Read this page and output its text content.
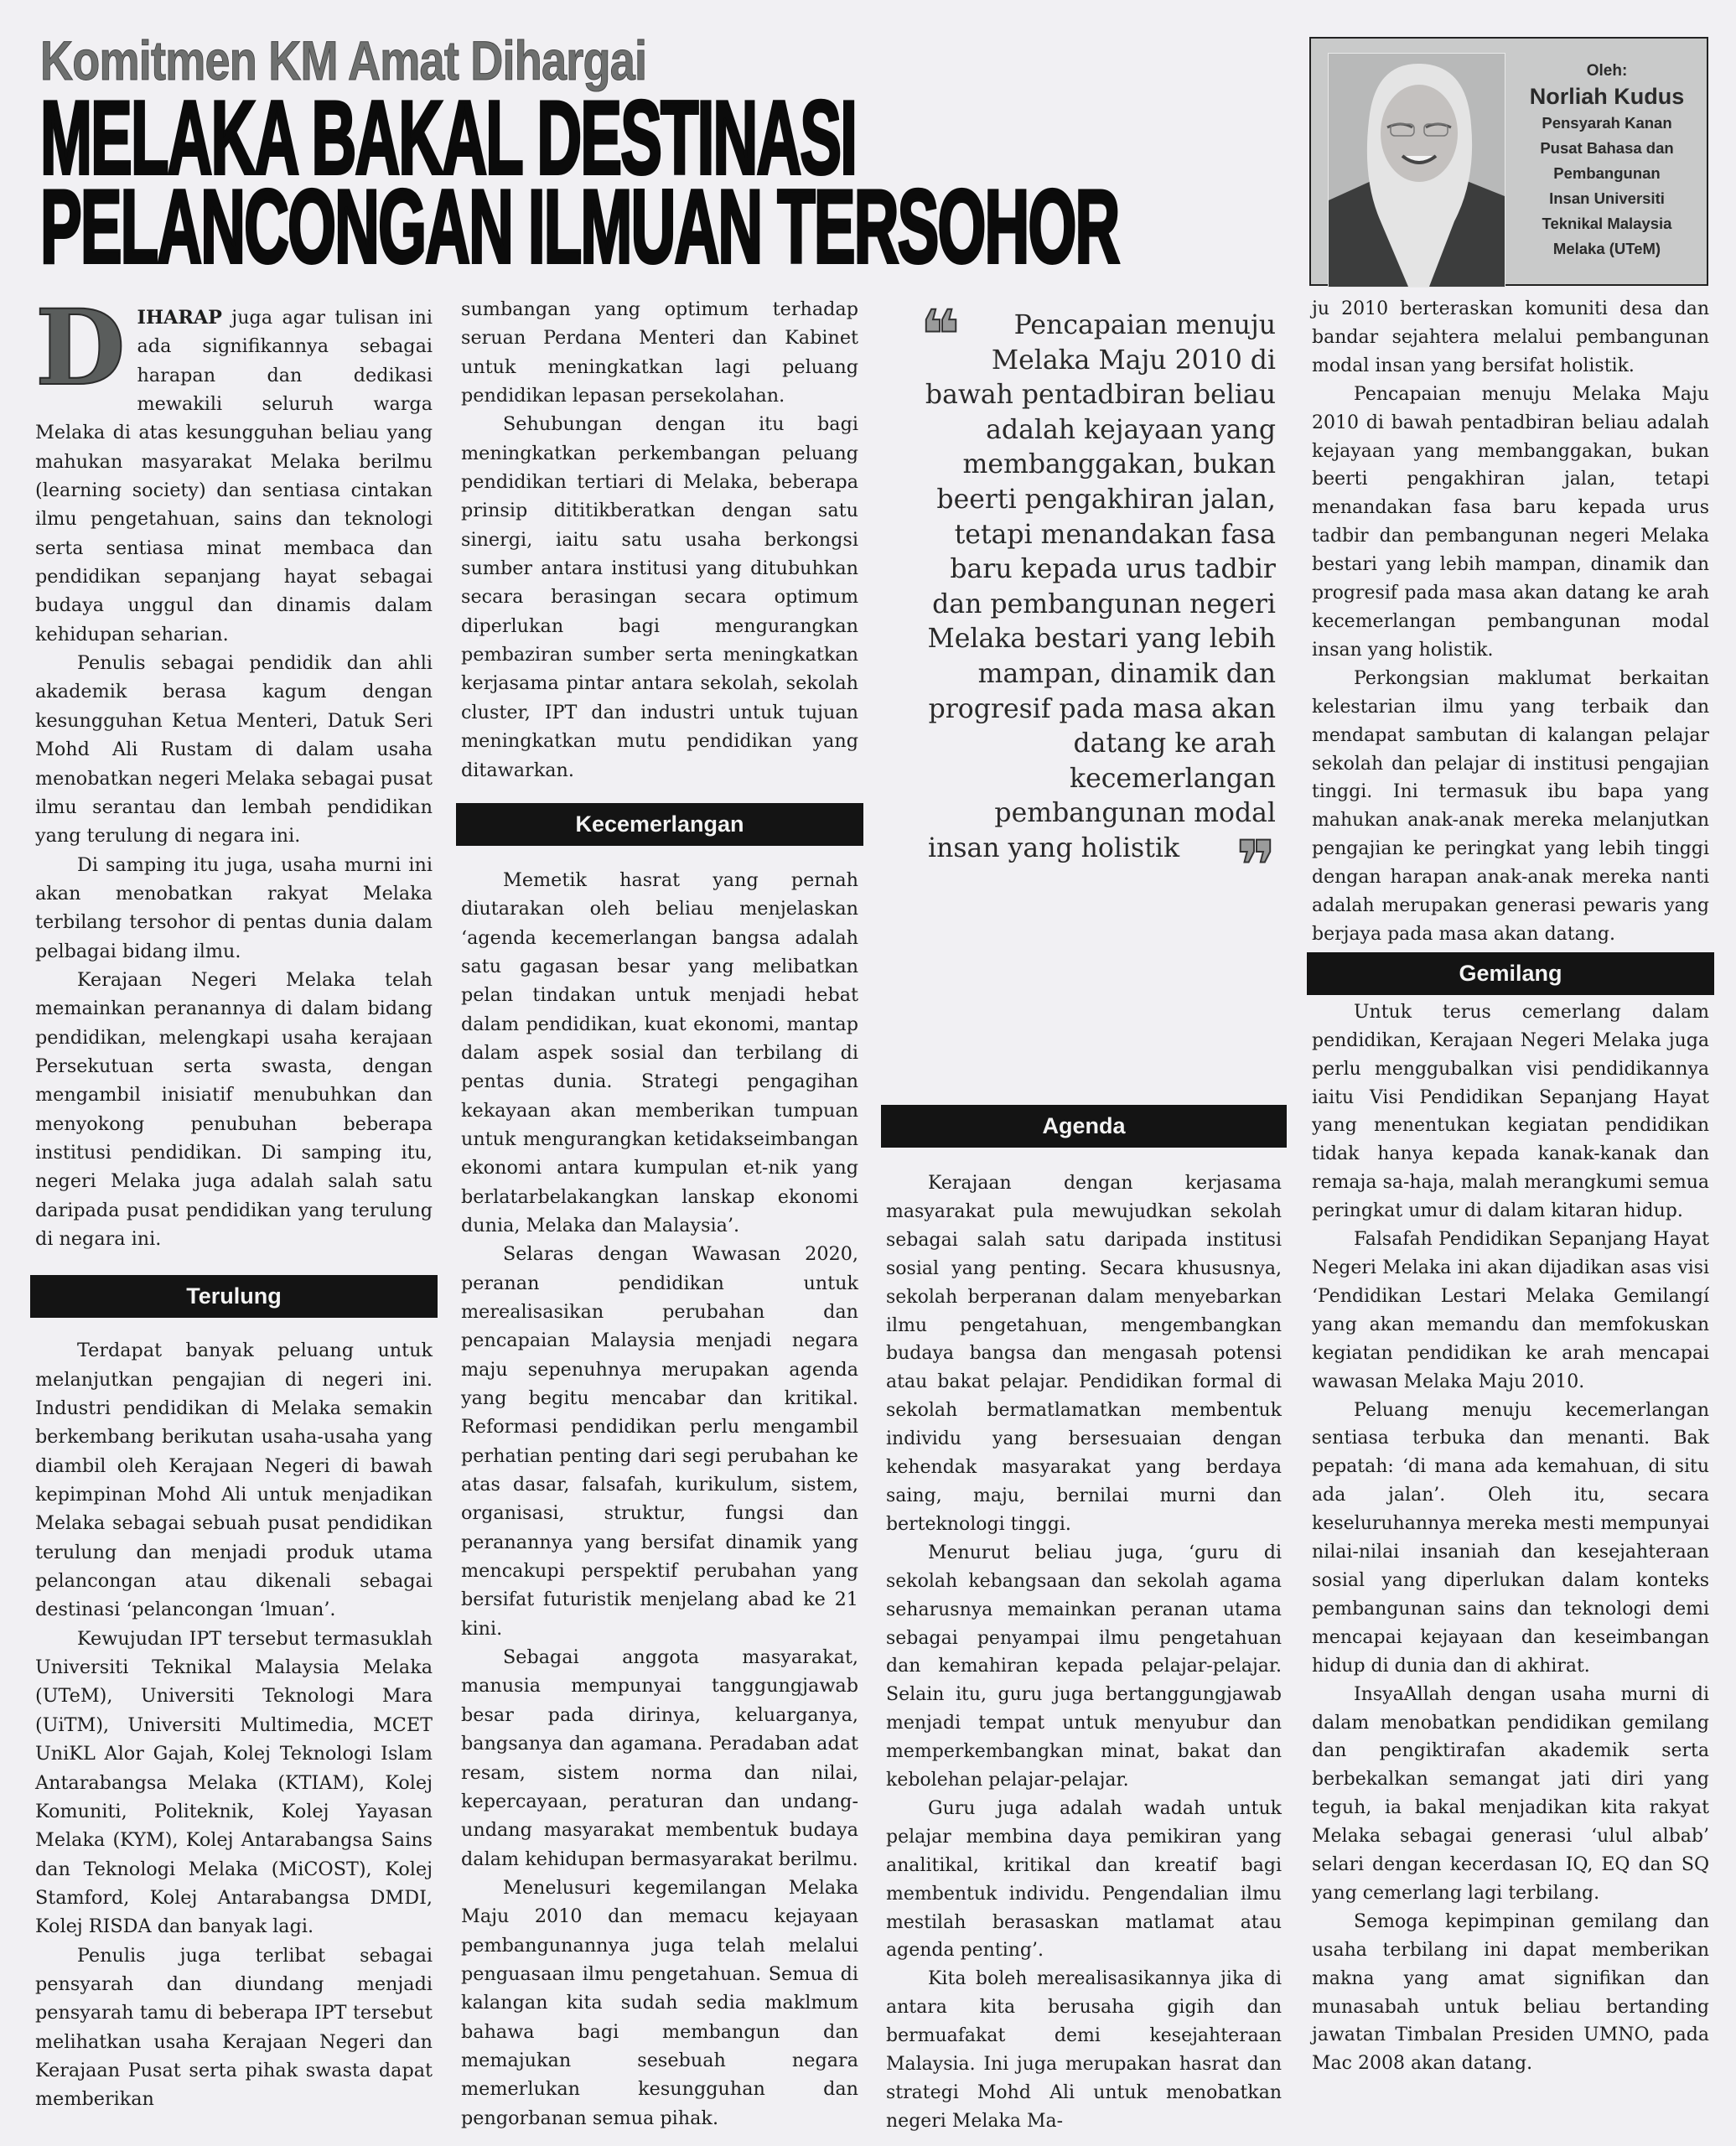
Komitmen KM Amat Dihargai
MELAKA BAKAL DESTINASI
PELANCONGAN ILMUAN TERSOHOR
Oleh:
Norliah Kudus
Pensyarah Kanan
Pusat Bahasa dan
Pembangunan
Insan Universiti
Teknikal Malaysia
Melaka (UTeM)

DIHARAP juga agar tulisan ini ada signifikannya sebagai harapan dan dedikasi mewakili seluruh warga Melaka di atas kesungguhan beliau yang mahukan masyarakat Melaka berilmu (learning society) dan sentiasa cintakan ilmu pengetahuan, sains dan teknologi serta sentiasa minat membaca dan pendidikan sepanjang hayat sebagai budaya unggul dan dinamis dalam kehidupan seharian.

Penulis sebagai pendidik dan ahli akademik berasa kagum dengan kesungguhan Ketua Menteri, Datuk Seri Mohd Ali Rustam di dalam usaha menobatkan negeri Melaka sebagai pusat ilmu serantau dan lembah pendidikan yang terulung di negara ini.

Di samping itu juga, usaha murni ini akan menobatkan rakyat Melaka terbilang tersohor di pentas dunia dalam pelbagai bidang ilmu.

Kerajaan Negeri Melaka telah memainkan peranannya di dalam bidang pendidikan, melengkapi usaha kerajaan Persekutuan serta swasta, dengan mengambil inisiatif menubuhkan dan menyokong penubuhan beberapa institusi pendidikan. Di samping itu, negeri Melaka juga adalah salah satu daripada pusat pendidikan yang terulung di negara ini.

Terulung

Terdapat banyak peluang untuk melanjutkan pengajian di negeri ini. Industri pendidikan di Melaka semakin berkembang berikutan usaha-usaha yang diambil oleh Kerajaan Negeri di bawah kepimpinan Mohd Ali untuk menjadikan Melaka sebagai sebuah pusat pendidikan terulung dan menjadi produk utama pelancongan atau dikenali sebagai destinasi ‘pelancongan ‘lmuan’.

Kewujudan IPT tersebut termasuklah Universiti Teknikal Malaysia Melaka (UTeM), Universiti Teknologi Mara (UiTM), Universiti Multimedia, MCET UniKL Alor Gajah, Kolej Teknologi Islam Antarabangsa Melaka (KTIAM), Kolej Komuniti, Politeknik, Kolej Yayasan Melaka (KYM), Kolej Antarabangsa Sains dan Teknologi Melaka (MiCOST), Kolej Stamford, Kolej Antarabangsa DMDI, Kolej RISDA dan banyak lagi.

Penulis juga terlibat sebagai pensyarah dan diundang menjadi pensyarah tamu di beberapa IPT tersebut melihatkan usaha Kerajaan Negeri dan Kerajaan Pusat serta pihak swasta dapat memberikan

sumbangan yang optimum terhadap seruan Perdana Menteri dan Kabinet untuk meningkatkan lagi peluang pendidikan lepasan persekolahan.

Sehubungan dengan itu bagi meningkatkan perkembangan peluang pendidikan tertiari di Melaka, beberapa prinsip dititikberatkan dengan satu sinergi, iaitu satu usaha berkongsi sumber antara institusi yang ditubuhkan secara berasingan secara optimum diperlukan bagi mengurangkan pembaziran sumber serta meningkatkan kerjasama pintar antara sekolah, sekolah cluster, IPT dan industri untuk tujuan meningkatkan mutu pendidikan yang ditawarkan.

Kecemerlangan

Memetik hasrat yang pernah diutarakan oleh beliau menjelaskan ‘agenda kecemerlangan bangsa adalah satu gagasan besar yang melibatkan pelan tindakan untuk menjadi hebat dalam pendidikan, kuat ekonomi, mantap dalam aspek sosial dan terbilang di pentas dunia. Strategi pengagihan kekayaan akan memberikan tumpuan untuk mengurangkan ketidakseimbangan ekonomi antara kumpulan et-nik yang berlatarbelakangkan lanskap ekonomi dunia, Melaka dan Malaysia’.

Selaras dengan Wawasan 2020, peranan pendidikan untuk merealisasikan perubahan dan pencapaian Malaysia menjadi negara maju sepenuhnya merupakan agenda yang begitu mencabar dan kritikal. Reformasi pendidikan perlu mengambil perhatian penting dari segi perubahan ke atas dasar, falsafah, kurikulum, sistem, organisasi, struktur, fungsi dan peranannya yang bersifat dinamik yang mencakupi perspektif perubahan yang bersifat futuristik menjelang abad ke 21 kini.

Sebagai anggota masyarakat, manusia mempunyai tanggungjawab besar pada dirinya, keluarganya, bangsanya dan agamana. Peradaban adat resam, sistem norma dan nilai, kepercayaan, peraturan dan undang-undang masyarakat membentuk budaya dalam kehidupan bermasyarakat berilmu.

Menelusuri kegemilangan Melaka Maju 2010 dan memacu kejayaan pembangunannya juga telah melalui penguasaan ilmu pengetahuan. Semua di kalangan kita sudah sedia maklmum bahawa bagi membangun dan memajukan sesebuah negara memerlukan kesungguhan dan pengorbanan semua pihak.

❝	Pencapaian menuju Melaka Maju 2010 di bawah pentadbiran beliau adalah kejayaan yang membanggakan, bukan beerti pengakhiran jalan, tetapi menandakan fasa baru kepada urus tadbir dan pembangunan negeri Melaka bestari yang lebih mampan, dinamik dan progresif pada masa akan datang ke arah kecemerlangan pembangunan modal insan yang holistik ❞
Agenda

Kerajaan dengan kerjasama masyarakat pula mewujudkan sekolah sebagai salah satu daripada institusi sosial yang penting. Secara khususnya, sekolah berperanan dalam menyebarkan ilmu pengetahuan, mengembangkan budaya bangsa dan mengasah potensi atau bakat pelajar. Pendidikan formal di sekolah bermatlamatkan membentuk individu yang bersesuaian dengan kehendak masyarakat yang berdaya saing, maju, bernilai murni dan berteknologi tinggi.

Menurut beliau juga, ‘guru di sekolah kebangsaan dan sekolah agama seharusnya memainkan peranan utama sebagai penyampai ilmu pengetahuan dan kemahiran kepada pelajar-pelajar. Selain itu, guru juga bertanggungjawab menjadi tempat untuk menyubur dan memperkembangkan minat, bakat dan kebolehan pelajar-pelajar.

Guru juga adalah wadah untuk pelajar membina daya pemikiran yang analitikal, kritikal dan kreatif bagi membentuk individu. Pengendalian ilmu mestilah berasaskan matlamat atau agenda penting’.

Kita boleh merealisasikannya jika di antara kita berusaha gigih dan bermuafakat demi kesejahteraan Malaysia. Ini juga merupakan hasrat dan strategi Mohd Ali untuk menobatkan negeri Melaka Ma-

ju 2010 berteraskan komuniti desa dan bandar sejahtera melalui pembangunan modal insan yang bersifat holistik.

Pencapaian menuju Melaka Maju 2010 di bawah pentadbiran beliau adalah kejayaan yang membanggakan, bukan beerti pengakhiran jalan, tetapi menandakan fasa baru kepada urus tadbir dan pembangunan negeri Melaka bestari yang lebih mampan, dinamik dan progresif pada masa akan datang ke arah kecemerlangan pembangunan modal insan yang holistik.

Perkongsian maklumat berkaitan kelestarian ilmu yang terbaik dan mendapat sambutan di kalangan pelajar sekolah dan pelajar di institusi pengajian tinggi. Ini termasuk ibu bapa yang mahukan anak-anak mereka melanjutkan pengajian ke peringkat yang lebih tinggi dengan harapan anak-anak mereka nanti adalah merupakan generasi pewaris yang berjaya pada masa akan datang.

Gemilang

Untuk terus cemerlang dalam pendidikan, Kerajaan Negeri Melaka juga perlu menggubalkan visi pendidikannya iaitu Visi Pendidikan Sepanjang Hayat yang menentukan kegiatan pendidikan tidak hanya kepada kanak-kanak dan remaja sa-haja, malah merangkumi semua peringkat umur di dalam kitaran hidup.

Falsafah Pendidikan Sepanjang Hayat Negeri Melaka ini akan dijadikan asas visi ‘Pendidikan Lestari Melaka Gemilangí yang akan memandu dan memfokuskan kegiatan pendidikan ke arah mencapai wawasan Melaka Maju 2010.

Peluang menuju kecemerlangan sentiasa terbuka dan menanti. Bak pepatah: ‘di mana ada kemahuan, di situ ada jalan’. Oleh itu, secara keseluruhannya mereka mesti mempunyai nilai-nilai insaniah dan kesejahteraan sosial yang diperlukan dalam konteks pembangunan sains dan teknologi demi mencapai kejayaan dan keseimbangan hidup di dunia dan di akhirat.

InsyaAllah dengan usaha murni di dalam menobatkan pendidikan gemilang dan pengiktirafan akademik serta berbekalkan semangat jati diri yang teguh, ia bakal menjadikan kita rakyat Melaka sebagai generasi ‘ulul albab’ selari dengan kecerdasan IQ, EQ dan SQ yang cemerlang lagi terbilang.

Semoga kepimpinan gemilang dan usaha terbilang ini dapat memberikan makna yang amat signifikan dan munasabah untuk beliau bertanding jawatan Timbalan Presiden UMNO, pada Mac 2008 akan datang.
